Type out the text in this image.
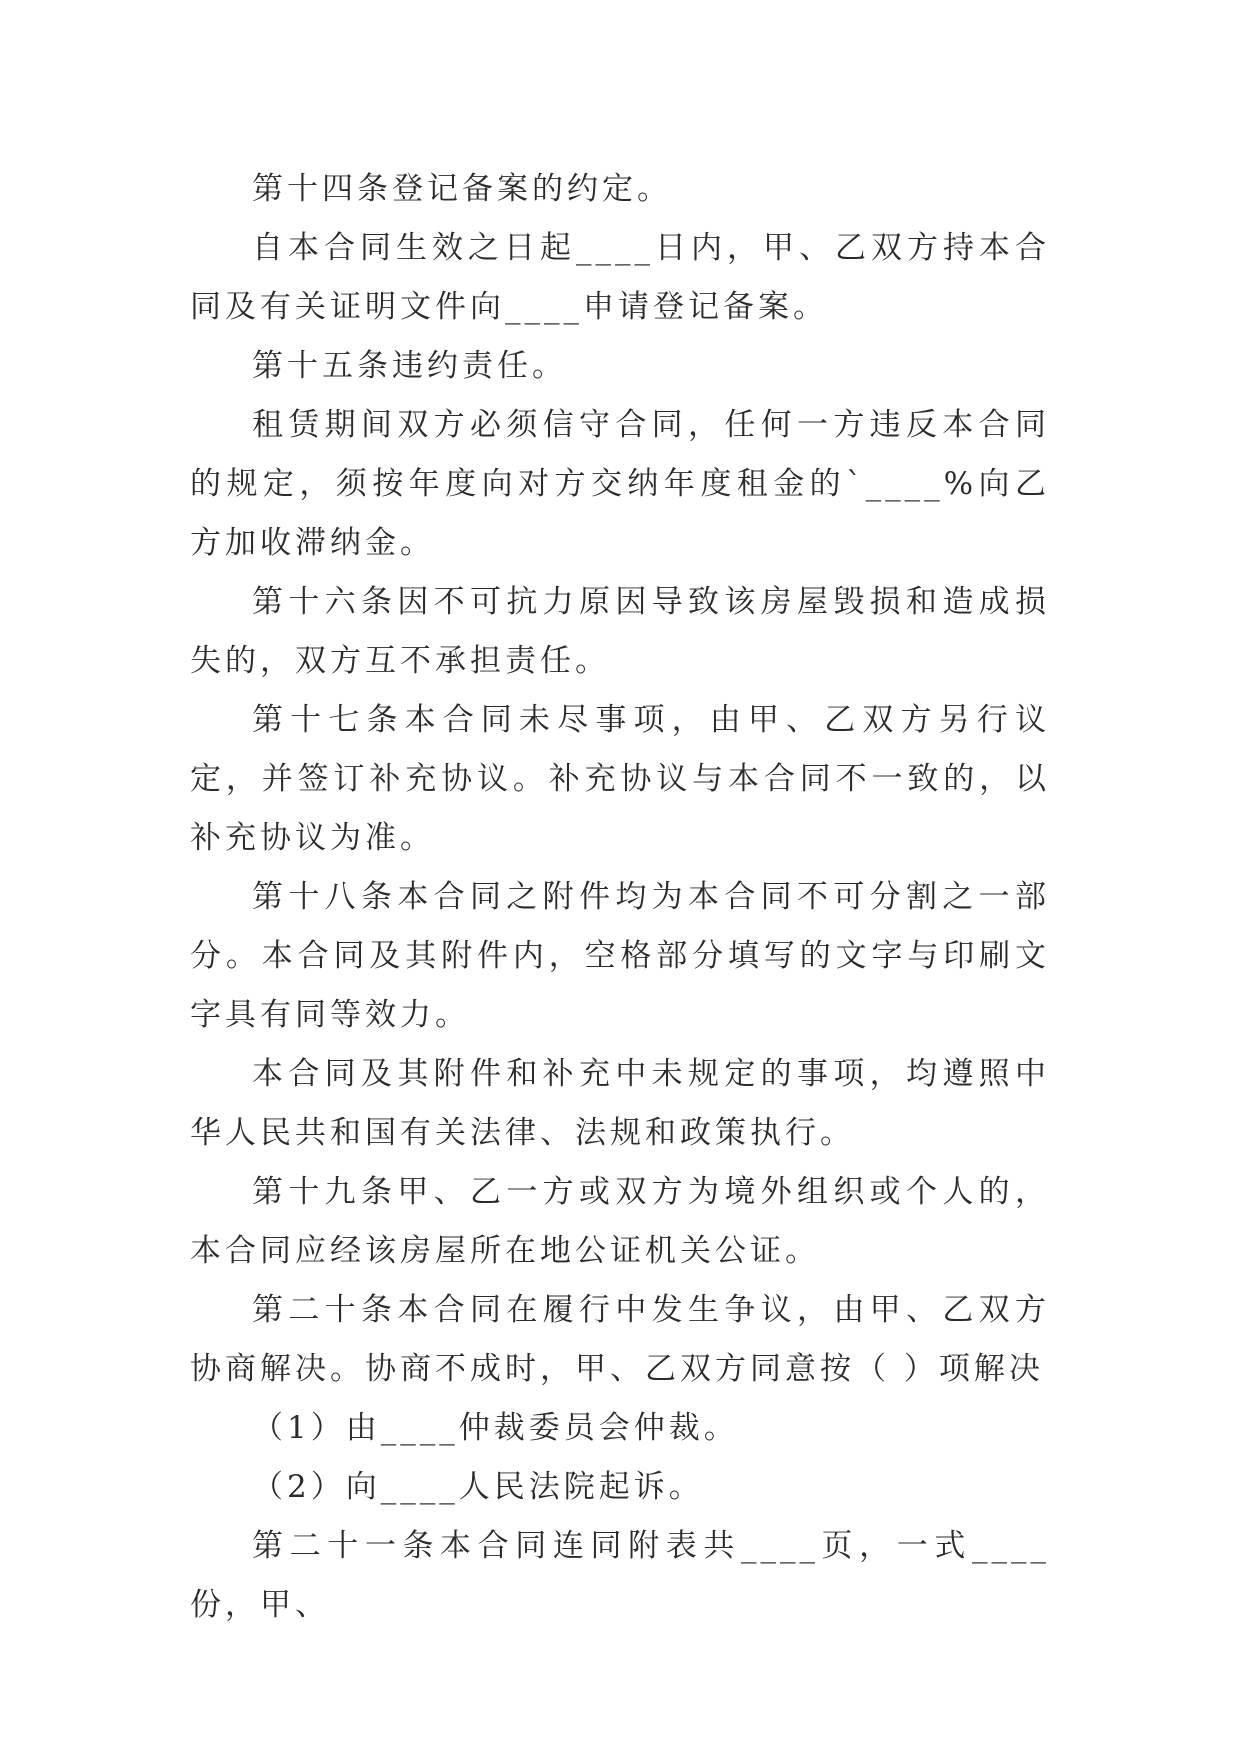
第十四条登记备案的约定。

自本合同生效之日起____日内，甲、乙双方持本合同及有关证明文件向____申请登记备案。

第十五条违约责任。

租赁期间双方必须信守合同，任何一方违反本合同的规定，须按年度向对方交纳年度租金的`____%向乙方加收滞纳金。

第十六条因不可抗力原因导致该房屋毁损和造成损失的，双方互不承担责任。

第十七条本合同未尽事项，由甲、乙双方另行议定，并签订补充协议。补充协议与本合同不一致的，以补充协议为准。

第十八条本合同之附件均为本合同不可分割之一部分。本合同及其附件内，空格部分填写的文字与印刷文字具有同等效力。

本合同及其附件和补充中未规定的事项，均遵照中华人民共和国有关法律、法规和政策执行。

第十九条甲、乙一方或双方为境外组织或个人的，本合同应经该房屋所在地公证机关公证。

第二十条本合同在履行中发生争议，由甲、乙双方协商解决。协商不成时，甲、乙双方同意按（ ）项解决

（1）由____仲裁委员会仲裁。

（2）向____人民法院起诉。

第二十一条本合同连同附表共____页，一式____份，甲、
